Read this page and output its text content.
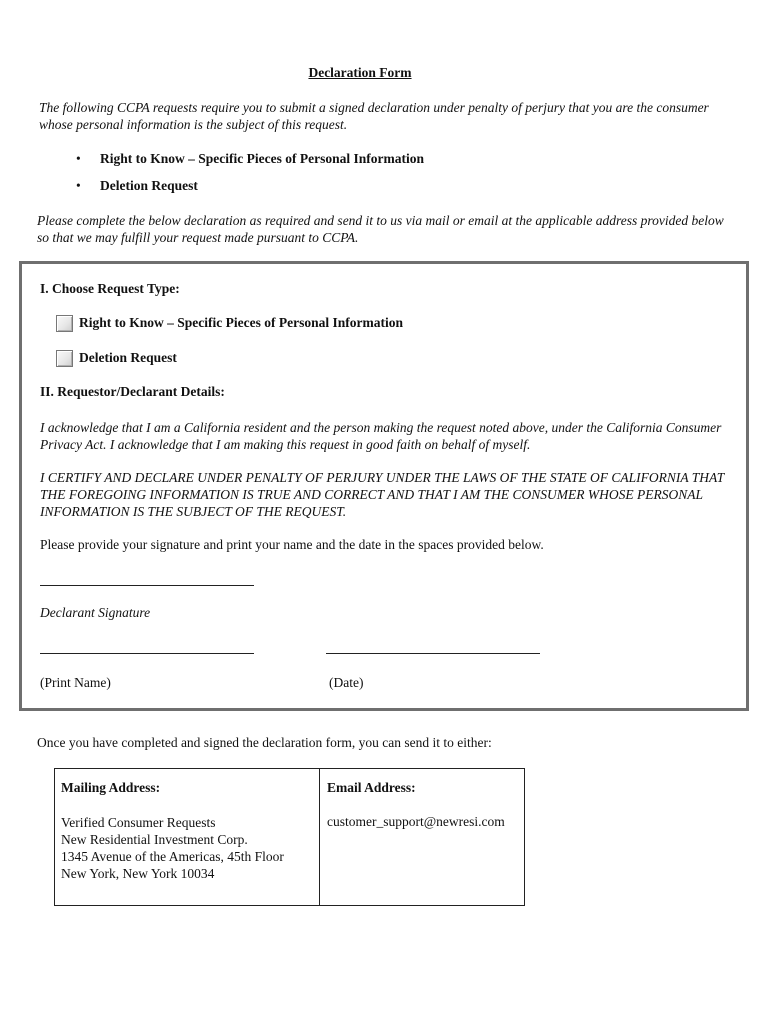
Declaration Form
The following CCPA requests require you to submit a signed declaration under penalty of perjury that you are the consumer whose personal information is the subject of this request.
• Right to Know – Specific Pieces of Personal Information
• Deletion Request
Please complete the below declaration as required and send it to us via mail or email at the applicable address provided below so that we may fulfill your request made pursuant to CCPA.
I. Choose Request Type:
Right to Know – Specific Pieces of Personal Information
Deletion Request
II. Requestor/Declarant Details:
I acknowledge that I am a California resident and the person making the request noted above, under the California Consumer Privacy Act. I acknowledge that I am making this request in good faith on behalf of myself.
I CERTIFY AND DECLARE UNDER PENALTY OF PERJURY UNDER THE LAWS OF THE STATE OF CALIFORNIA THAT THE FOREGOING INFORMATION IS TRUE AND CORRECT AND THAT I AM THE CONSUMER WHOSE PERSONAL INFORMATION IS THE SUBJECT OF THE REQUEST.
Please provide your signature and print your name and the date in the spaces provided below.
Declarant Signature
(Print Name)	(Date)
Once you have completed and signed the declaration form, you can send it to either:
Mailing Address:
Verified Consumer Requests
New Residential Investment Corp.
1345 Avenue of the Americas, 45th Floor
New York, New York 10034
Email Address:
customer_support@newresi.com
